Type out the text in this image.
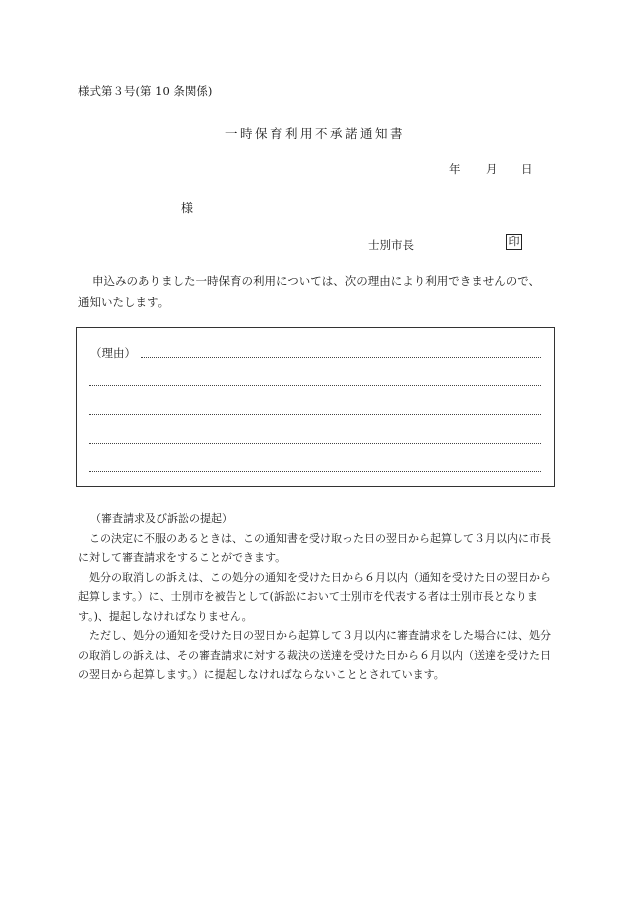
様式第３号(第 10 条関係)
一時保育利用不承諾通知書
年 月 日
様
士別市長	印

申込みのありました一時保育の利用については、次の理由により利用できませんので、

通知いたします。

（理由）

（審査請求及び訴訟の提起）

この決定に不服のあるときは、この通知書を受け取った日の翌日から起算して３月以内に市長に対して審査請求をすることができます。

処分の取消しの訴えは、この処分の通知を受けた日から６月以内（通知を受けた日の翌日から起算します。）に、士別市を被告として(訴訟において士別市を代表する者は士別市長となります。)、提起しなければなりません。

ただし、処分の通知を受けた日の翌日から起算して３月以内に審査請求をした場合には、処分の取消しの訴えは、その審査請求に対する裁決の送達を受けた日から６月以内（送達を受けた日の翌日から起算します。）に提起しなければならないこととされています。
